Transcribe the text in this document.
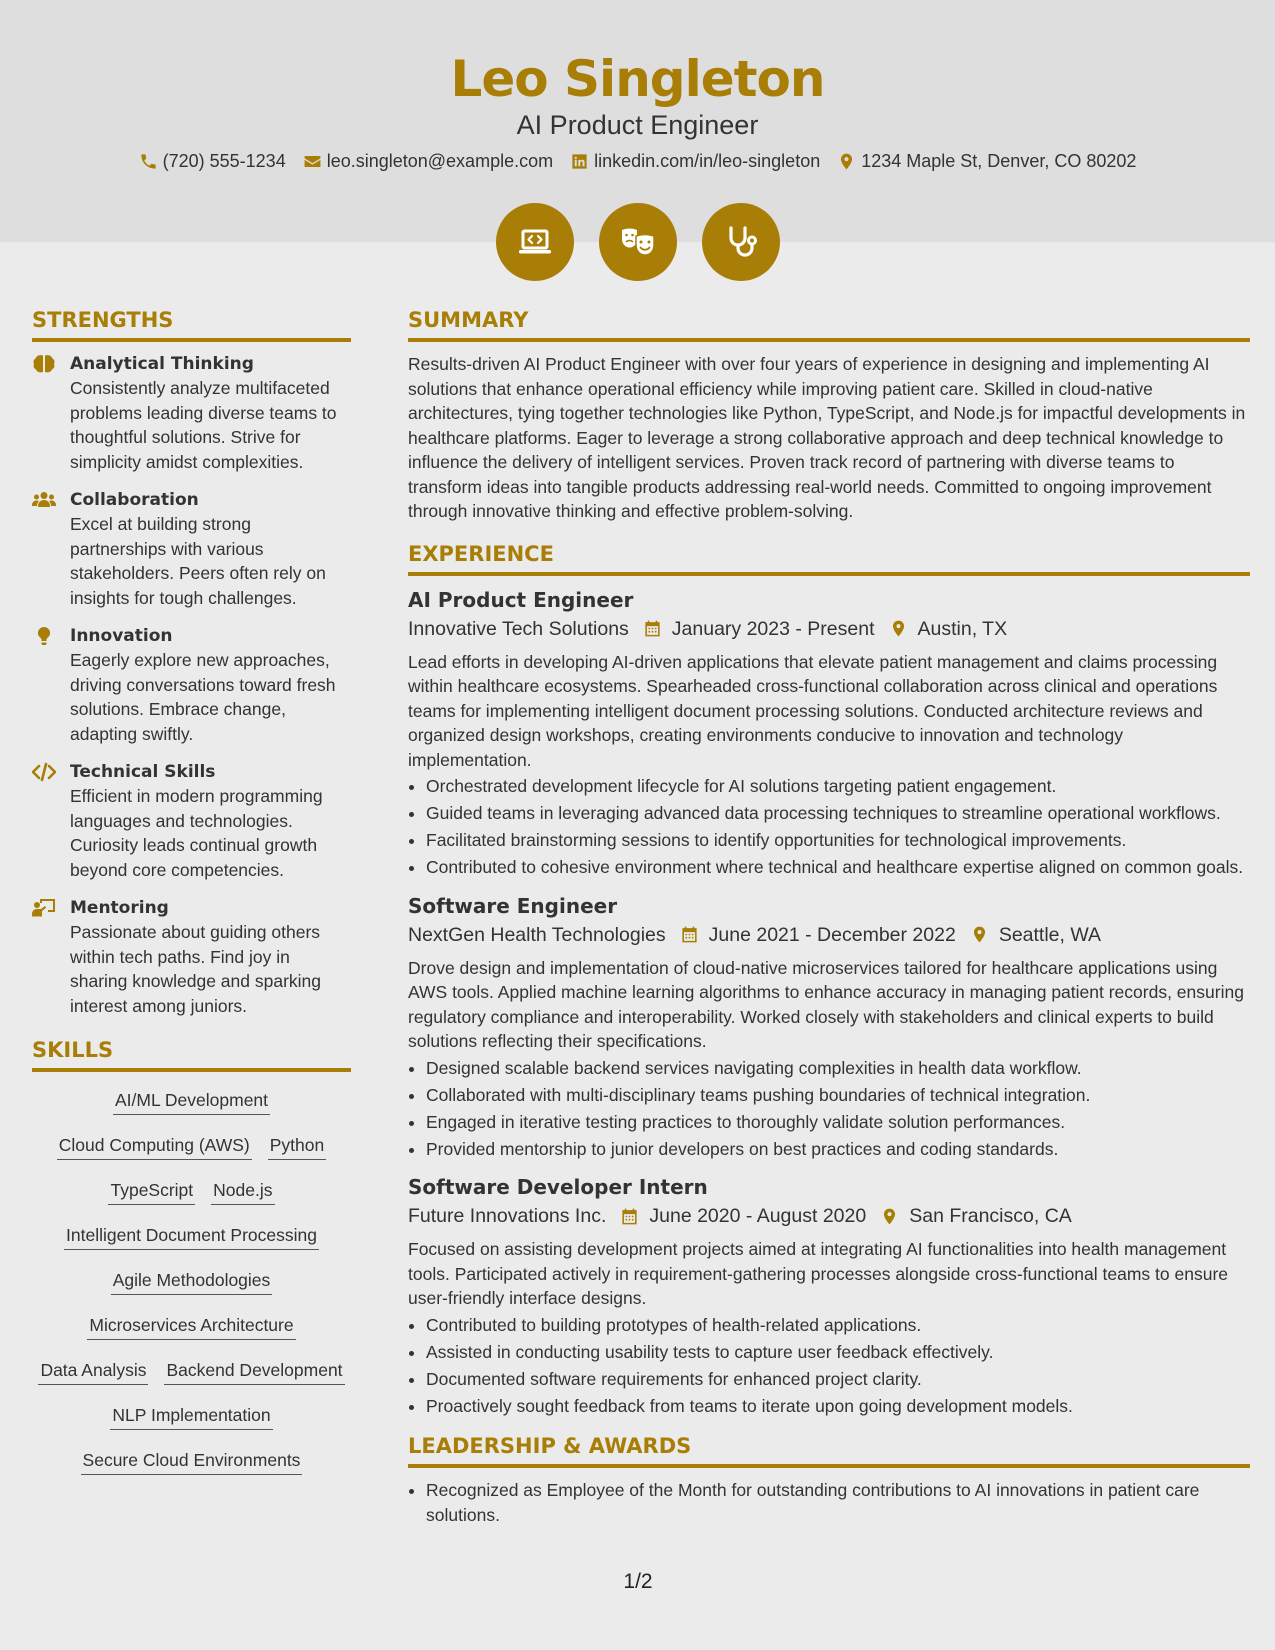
Leo Singleton
AI Product Engineer
(720) 555-1234 leo.singleton@example.com linkedin.com/in/leo-singleton 1234 Maple St, Denver, CO 80202
STRENGTHS
Analytical Thinking
Consistently analyze multifaceted problems leading diverse teams to thoughtful solutions. Strive for simplicity amidst complexities.
Collaboration
Excel at building strong partnerships with various stakeholders. Peers often rely on insights for tough challenges.
Innovation
Eagerly explore new approaches, driving conversations toward fresh solutions. Embrace change, adapting swiftly.
Technical Skills
Efficient in modern programming languages and technologies. Curiosity leads continual growth beyond core competencies.
Mentoring
Passionate about guiding others within tech paths. Find joy in sharing knowledge and sparking interest among juniors.
SKILLS
AI/ML Development
Cloud Computing (AWS) Python
TypeScript Node.js
Intelligent Document Processing
Agile Methodologies
Microservices Architecture
Data Analysis Backend Development
NLP Implementation
Secure Cloud Environments
SUMMARY
Results-driven AI Product Engineer with over four years of experience in designing and implementing AI solutions that enhance operational efficiency while improving patient care. Skilled in cloud-native architectures, tying together technologies like Python, TypeScript, and Node.js for impactful developments in healthcare platforms. Eager to leverage a strong collaborative approach and deep technical knowledge to influence the delivery of intelligent services. Proven track record of partnering with diverse teams to transform ideas into tangible products addressing real-world needs. Committed to ongoing improvement through innovative thinking and effective problem-solving.
EXPERIENCE
AI Product Engineer
Innovative Tech Solutions January 2023 - Present Austin, TX
Lead efforts in developing AI-driven applications that elevate patient management and claims processing within healthcare ecosystems. Spearheaded cross-functional collaboration across clinical and operations teams for implementing intelligent document processing solutions. Conducted architecture reviews and organized design workshops, creating environments conducive to innovation and technology implementation.
• Orchestrated development lifecycle for AI solutions targeting patient engagement.
• Guided teams in leveraging advanced data processing techniques to streamline operational workflows.
• Facilitated brainstorming sessions to identify opportunities for technological improvements.
• Contributed to cohesive environment where technical and healthcare expertise aligned on common goals.
Software Engineer
NextGen Health Technologies June 2021 - December 2022 Seattle, WA
Drove design and implementation of cloud-native microservices tailored for healthcare applications using AWS tools. Applied machine learning algorithms to enhance accuracy in managing patient records, ensuring regulatory compliance and interoperability. Worked closely with stakeholders and clinical experts to build solutions reflecting their specifications.
• Designed scalable backend services navigating complexities in health data workflow.
• Collaborated with multi-disciplinary teams pushing boundaries of technical integration.
• Engaged in iterative testing practices to thoroughly validate solution performances.
• Provided mentorship to junior developers on best practices and coding standards.
Software Developer Intern
Future Innovations Inc. June 2020 - August 2020 San Francisco, CA
Focused on assisting development projects aimed at integrating AI functionalities into health management tools. Participated actively in requirement-gathering processes alongside cross-functional teams to ensure user-friendly interface designs.
• Contributed to building prototypes of health-related applications.
• Assisted in conducting usability tests to capture user feedback effectively.
• Documented software requirements for enhanced project clarity.
• Proactively sought feedback from teams to iterate upon going development models.
LEADERSHIP & AWARDS
• Recognized as Employee of the Month for outstanding contributions to AI innovations in patient care solutions.
1/2
